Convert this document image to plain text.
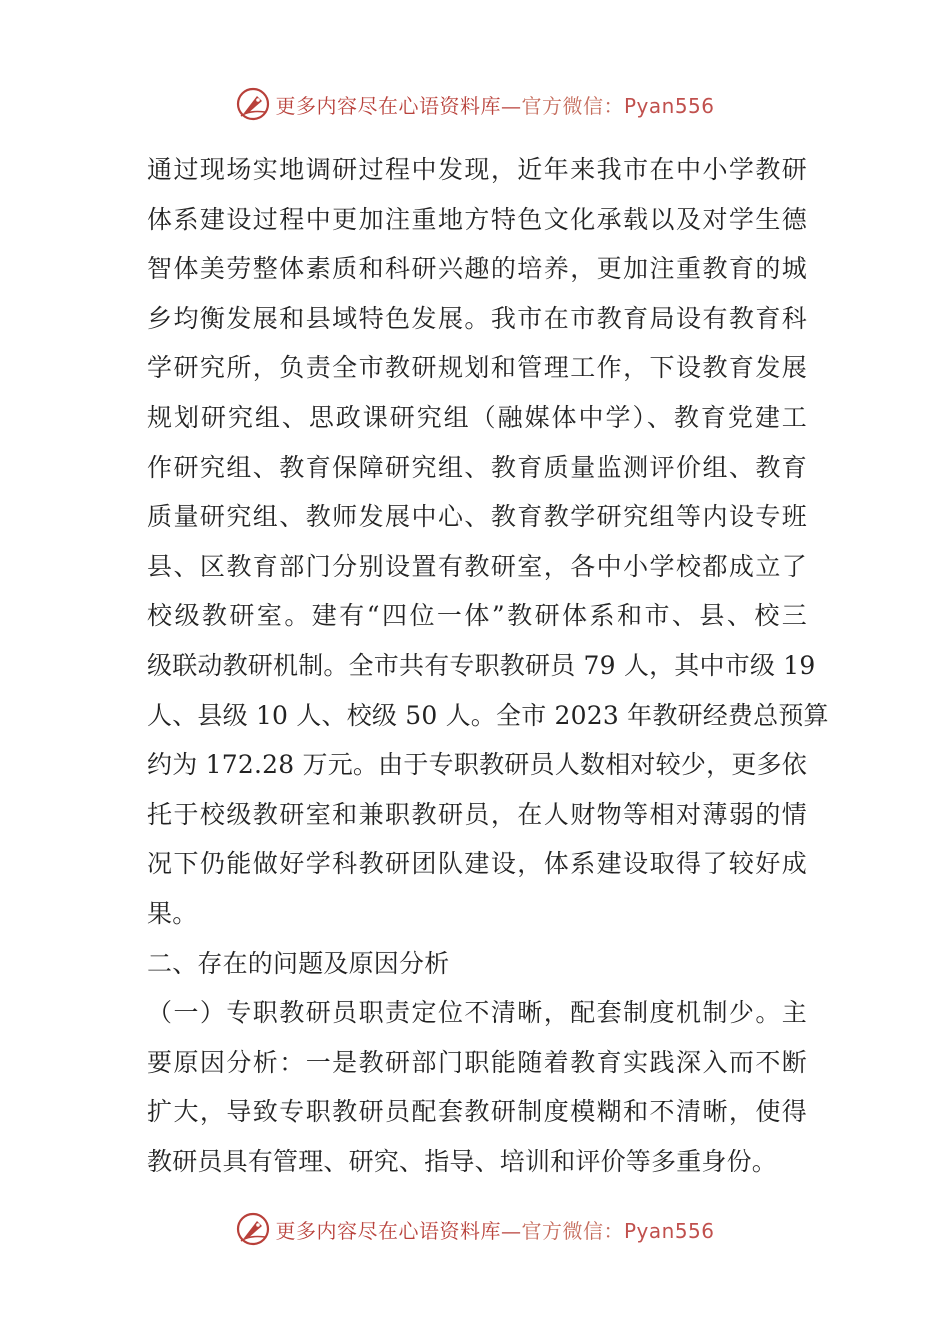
更多内容尽在心语资料库—官方微信：Pyan556
通过现场实地调研过程中发现，近年来我市在中小学教研
体系建设过程中更加注重地方特色文化承载以及对学生德
智体美劳整体素质和科研兴趣的培养，更加注重教育的城
乡均衡发展和县域特色发展。我市在市教育局设有教育科
学研究所，负责全市教研规划和管理工作，下设教育发展
规划研究组、思政课研究组（融媒体中学）、教育党建工
作研究组、教育保障研究组、教育质量监测评价组、教育
质量研究组、教师发展中心、教育教学研究组等内设专班
县、区教育部门分别设置有教研室，各中小学校都成立了
校级教研室。建有“四位一体”教研体系和市、县、校三
级联动教研机制。全市共有专职教研员 79 人，其中市级 19
人、县级 10 人、校级 50 人。全市 2023 年教研经费总预算
约为 172.28 万元。由于专职教研员人数相对较少，更多依
托于校级教研室和兼职教研员，在人财物等相对薄弱的情
况下仍能做好学科教研团队建设，体系建设取得了较好成
果。
二、存在的问题及原因分析
（一）专职教研员职责定位不清晰，配套制度机制少。主
要原因分析：一是教研部门职能随着教育实践深入而不断
扩大，导致专职教研员配套教研制度模糊和不清晰，使得
教研员具有管理、研究、指导、培训和评价等多重身份。
更多内容尽在心语资料库—官方微信：Pyan556
